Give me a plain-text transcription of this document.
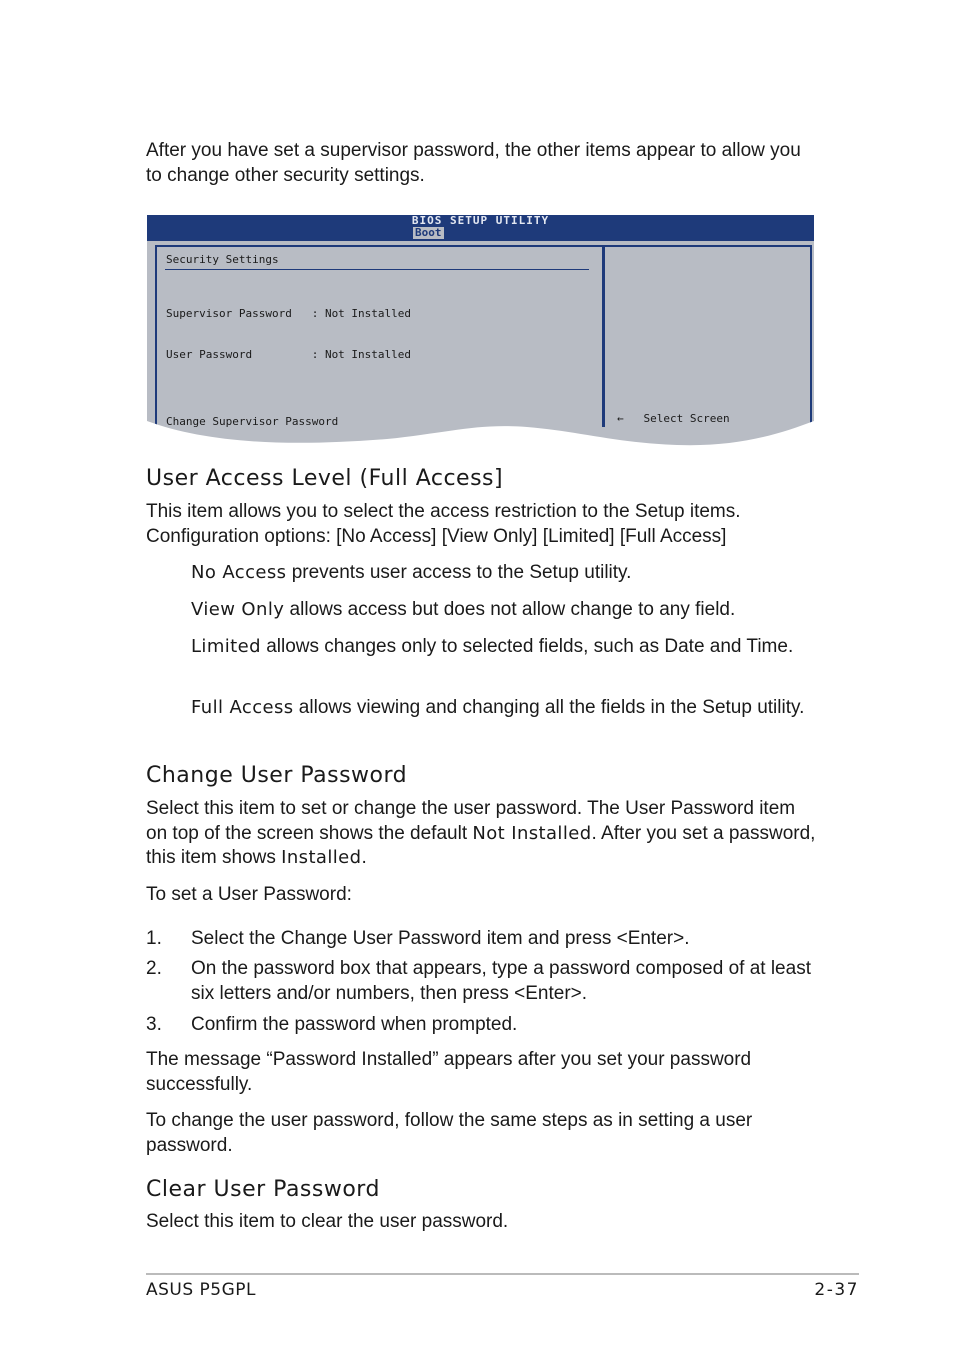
After you have set a supervisor password, the other items appear to allow you to change other security settings.

BIOS SETUP UTILITY
Boot
Security Settings

Supervisor Password   : Not Installed

User Password         : Not Installed

Change Supervisor Password

	← Select Screen
User Access Level (Full Access]

This item allows you to select the access restriction to the Setup items. Configuration options: [No Access] [View Only] [Limited] [Full Access]

No Access prevents user access to the Setup utility.

View Only allows access but does not allow change to any field.

Limited allows changes only to selected fields, such as Date and Time.

Full Access allows viewing and changing all the fields in the Setup utility.

Change User Password

Select this item to set or change the user password. The User Password item on top of the screen shows the default Not Installed. After you set a password, this item shows Installed.

To set a User Password:

1. Select the Change User Password item and press <Enter>.
2. On the password box that appears, type a password composed of at least six letters and/or numbers, then press <Enter>.
3. Confirm the password when prompted.

The message “Password Installed” appears after you set your password successfully.

To change the user password, follow the same steps as in setting a user password.

Clear User Password

Select this item to clear the user password.

ASUS P5GPL	2-37
